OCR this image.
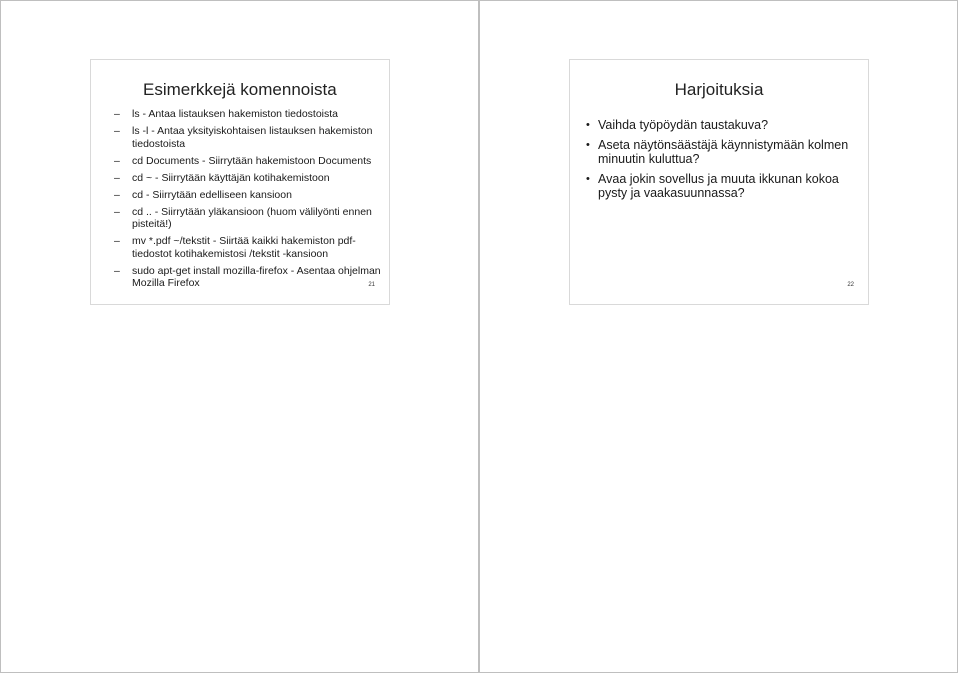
Esimerkkejä komennoista
– ls - Antaa listauksen hakemiston tiedostoista
– ls -l - Antaa yksityiskohtaisen listauksen hakemiston tiedostoista
– cd Documents - Siirrytään hakemistoon Documents
– cd ~ - Siirrytään käyttäjän kotihakemistoon
– cd - Siirrytään edelliseen kansioon
– cd .. - Siirrytään yläkansioon (huom välilyönti ennen pisteitä!)
– mv *.pdf ~/tekstit - Siirtää kaikki hakemiston pdf-tiedostot kotihakemistosi /tekstit -kansioon
– sudo apt-get install mozilla-firefox - Asentaa ohjelman Mozilla Firefox	21
Harjoituksia
• Vaihda työpöydän taustakuva?
• Aseta näytönsäästäjä käynnistymään kolmen minuutin kuluttua?
• Avaa jokin sovellus ja muuta ikkunan kokoa pysty ja vaakasuunnassa?
22
